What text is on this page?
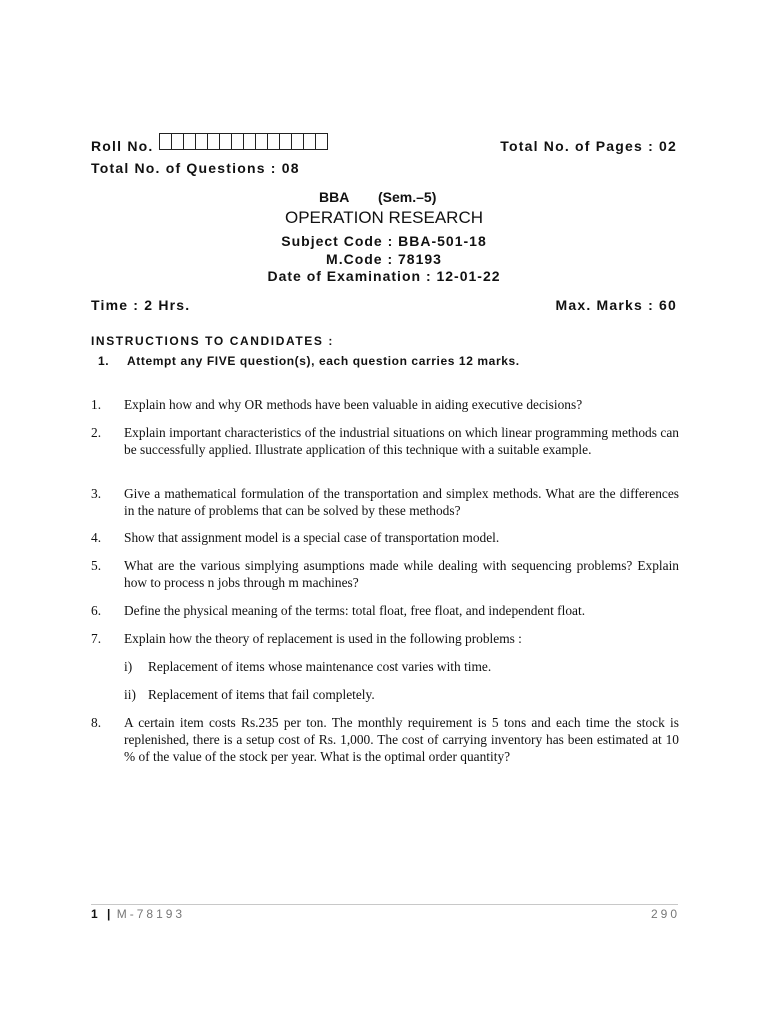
Roll No.	Total No. of Pages : 02
Total No. of Questions : 08
BBA (Sem.–5)
OPERATION RESEARCH
Subject Code : BBA-501-18
M.Code : 78193
Date of Examination : 12-01-22
Time : 2 Hrs.	Max. Marks : 60
INSTRUCTIONS TO CANDIDATES :
1. Attempt any FIVE question(s), each question carries 12 marks.
1. Explain how and why OR methods have been valuable in aiding executive decisions?
2. Explain important characteristics of the industrial situations on which linear programming methods can be successfully applied. Illustrate application of this technique with a suitable example.
3. Give a mathematical formulation of the transportation and simplex methods. What are the differences in the nature of problems that can be solved by these methods?
4. Show that assignment model is a special case of transportation model.
5. What are the various simplying asumptions made while dealing with sequencing problems? Explain how to process n jobs through m machines?
6. Define the physical meaning of the terms: total float, free float, and independent float.
7. Explain how the theory of replacement is used in the following problems :
i) Replacement of items whose maintenance cost varies with time.
ii) Replacement of items that fail completely.
8. A certain item costs Rs.235 per ton. The monthly requirement is 5 tons and each time the stock is replenished, there is a setup cost of Rs. 1,000. The cost of carrying inventory has been estimated at 10 % of the value of the stock per year. What is the optimal order quantity?
1 | M-78193	290
